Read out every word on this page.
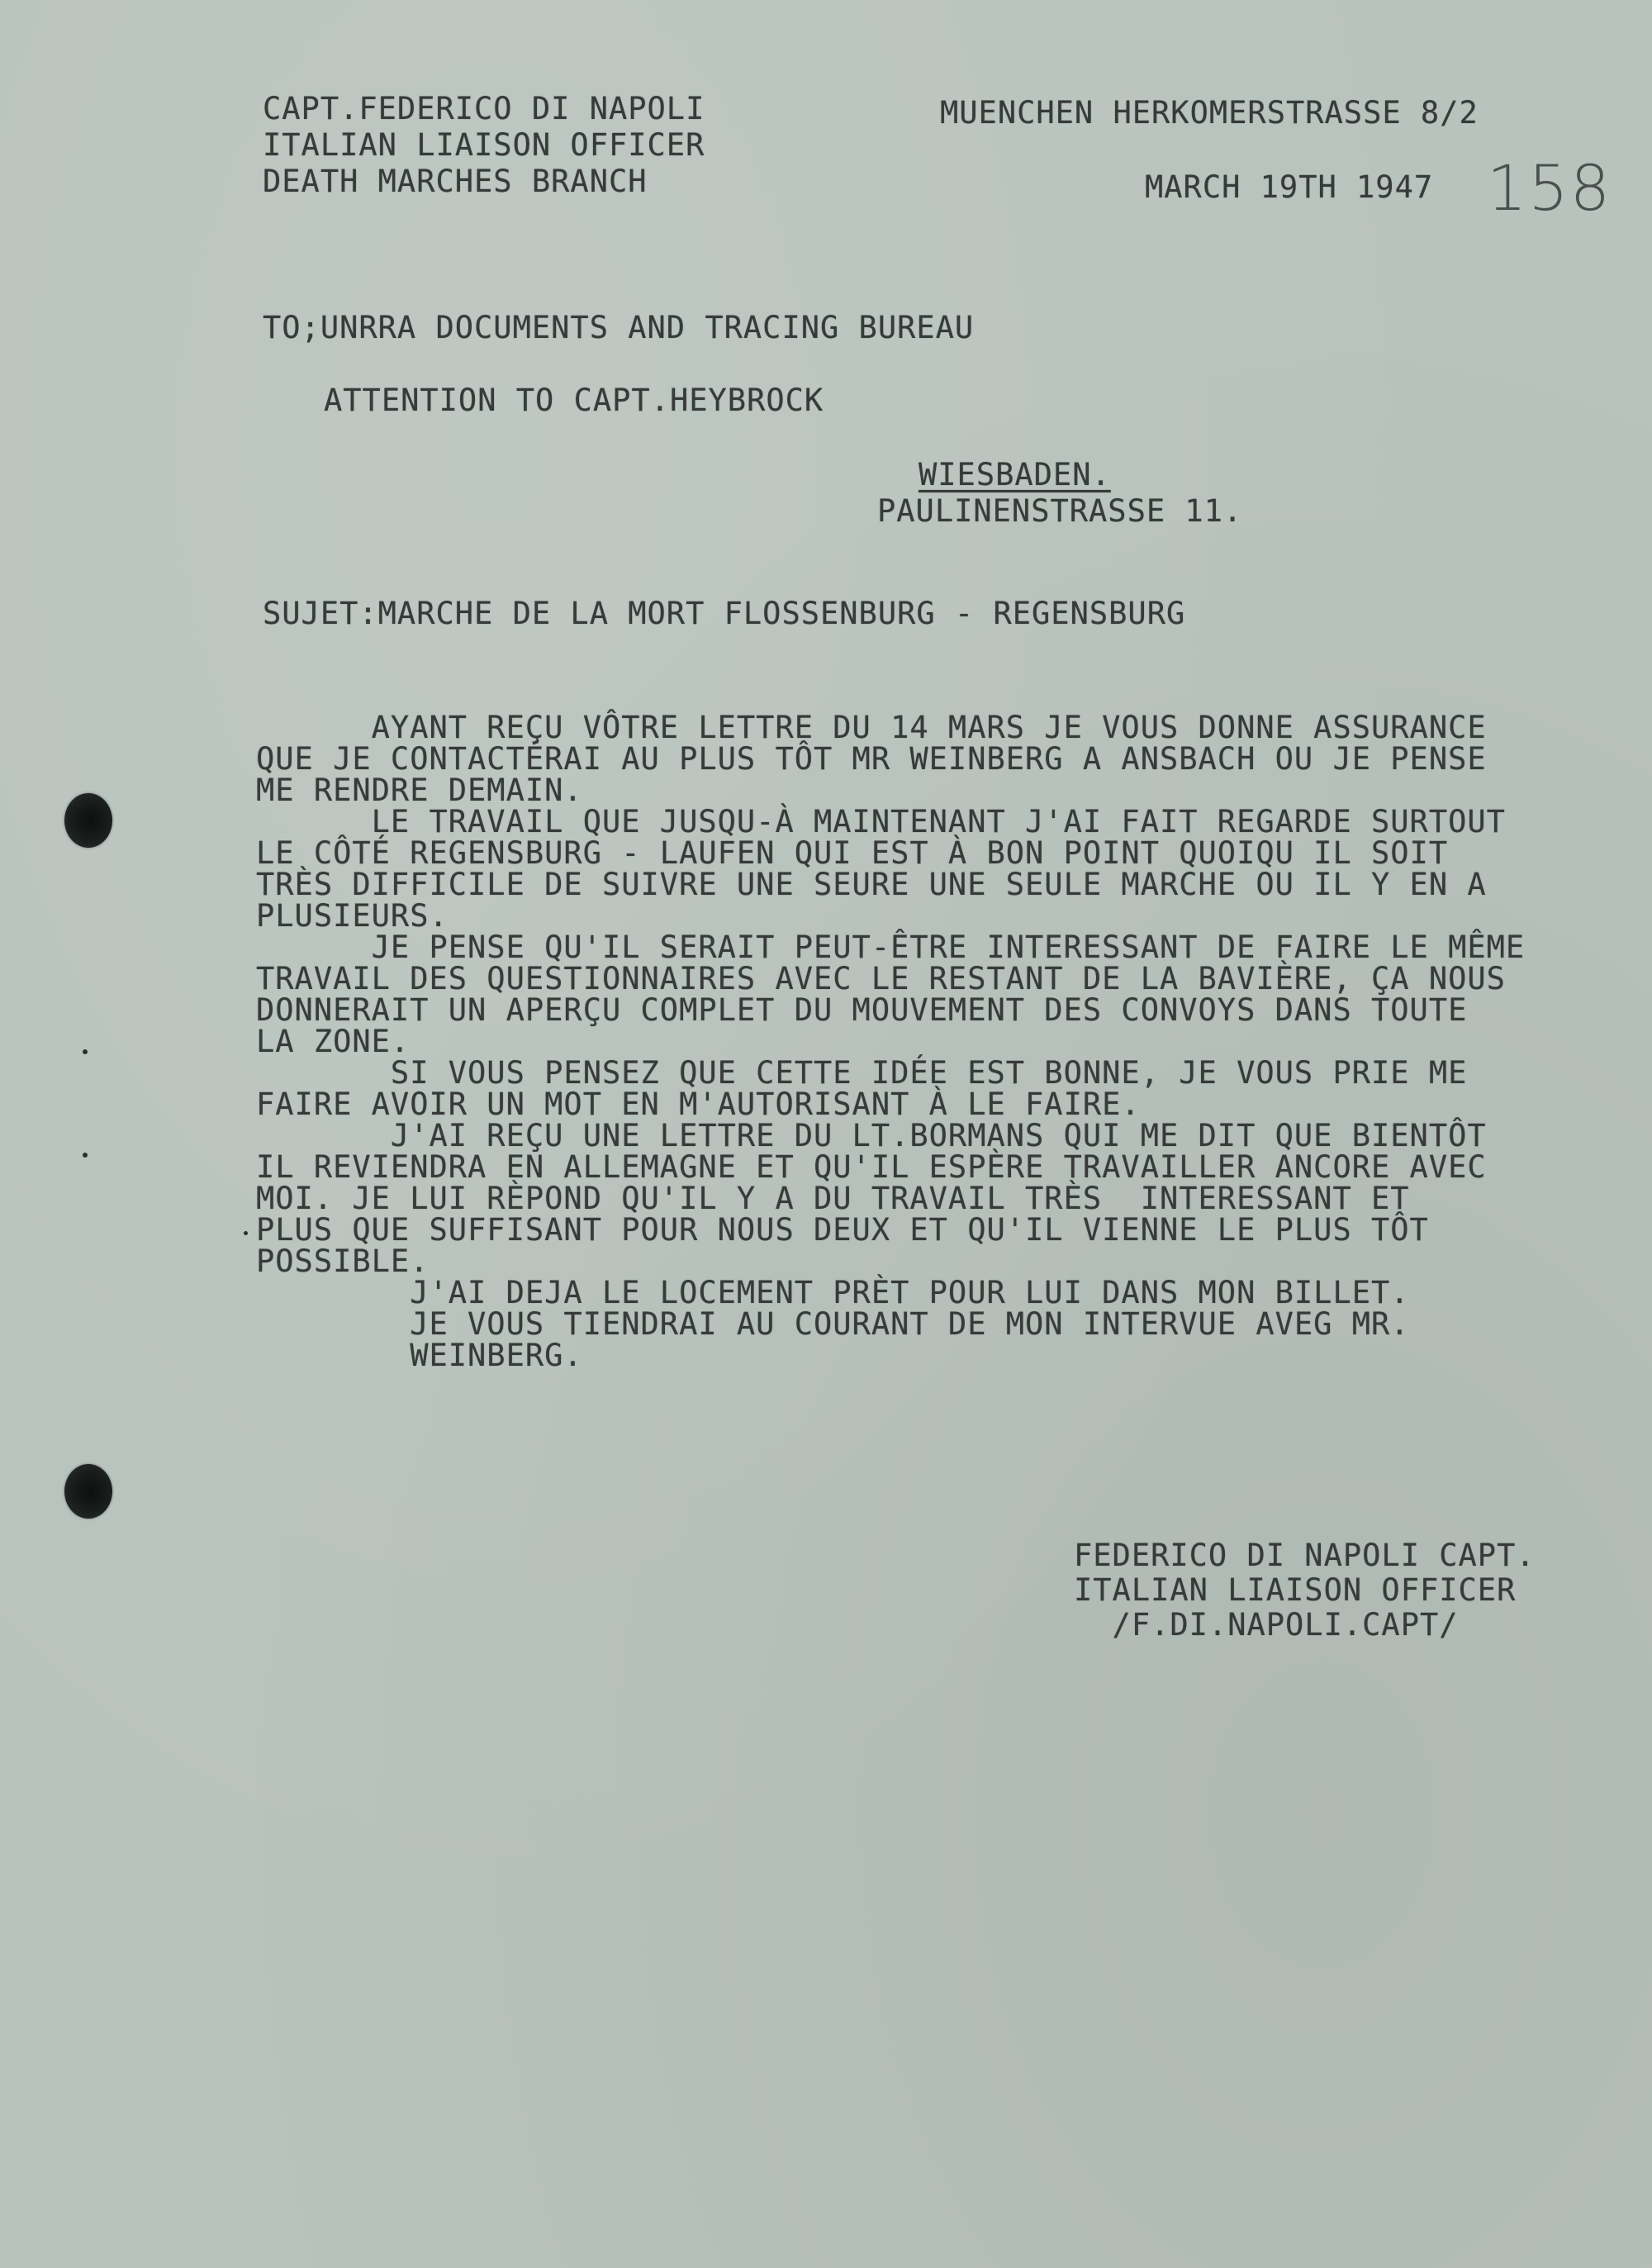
CAPT.FEDERICO DI NAPOLI
ITALIAN LIAISON OFFICER
DEATH MARCHES BRANCH

MUENCHEN HERKOMERSTRASSE 8/2

MARCH 19TH 1947 158

TO;UNRRA DOCUMENTS AND TRACING BUREAU

ATTENTION TO CAPT.HEYBROCK

WIESBADEN.

PAULINENSTRASSE 11.

SUJET:MARCHE DE LA MORT FLOSSENBURG - REGENSBURG

AYANT REÇU VÔTRE LETTRE DU 14 MARS JE VOUS DONNE ASSURANCE
QUE JE CONTACTÉRAI AU PLUS TÔT MR WEINBERG A ANSBACH OU JE PENSE
ME RENDRE DEMAIN.
LE TRAVAIL QUE JUSQU-À MAINTENANT J'AI FAIT REGARDE SURTOUT
LE CÔTÉ REGENSBURG - LAUFEN QUI EST À BON POINT QUOIQU IL SOIT
TRÈS DIFFICILE DE SUIVRE UNE SEURE UNE SEULE MARCHE OU IL Y EN A
PLUSIEURS.
JE PENSE QU'IL SERAIT PEUT-ÊTRE INTERESSANT DE FAIRE LE MÊME
TRAVAIL DES QUESTIONNAIRES AVEC LE RESTANT DE LA BAVIÈRE, ÇA NOUS
DONNERAIT UN APERÇU COMPLET DU MOUVEMENT DES CONVOYS DANS TOUTE
LA ZONE.
SI VOUS PENSEZ QUE CETTE IDÉE EST BONNE, JE VOUS PRIE ME
FAIRE AVOIR UN MOT EN M'AUTORISANT À LE FAIRE.
J'AI REÇU UNE LETTRE DU LT.BORMANS QUI ME DIT QUE BIENTÔT
IL REVIENDRA EN ALLEMAGNE ET QU'IL ESPÈRE TRAVAILLER ANCORE AVEC
MOI. JE LUI RÈPOND QU'IL Y A DU TRAVAIL TRÈS  INTERESSANT ET
PLUS QUE SUFFISANT POUR NOUS DEUX ET QU'IL VIENNE LE PLUS TÔT
POSSIBLE.
J'AI DEJA LE LOCEMENT PRÈT POUR LUI DANS MON BILLET.
JE VOUS TIENDRAI AU COURANT DE MON INTERVUE AVEG MR.
WEINBERG.
FEDERICO DI NAPOLI CAPT.
ITALIAN LIAISON OFFICER
/F.DI.NAPOLI.CAPT/
